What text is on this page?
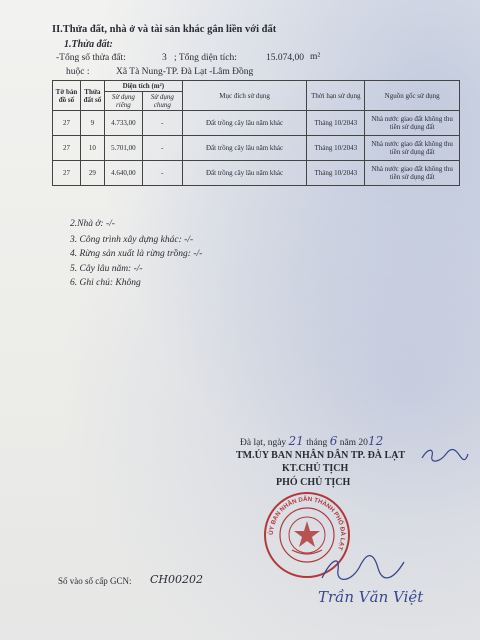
II.Thửa đất, nhà ở và tài sản khác gắn liền với đất
1.Thửa đất:
-Tổng số thửa đất:	3 ; Tổng diện tích:	15.074,00 m²
huộc :	Xã Tà Nung-TP. Đà Lạt -Lâm Đồng
Tờ bản đồ số	Thửa đất số	Diện tích (m²)		Mục đích sử dụng	Thời hạn sử dụng	Nguồn gốc sử dụng
		Sử dụng riêng	Sử dụng chung			
27	9	4.733,00	-	Đất trồng cây lâu năm khác	Tháng 10/2043	Nhà nước giao đất không thu tiền sử dụng đất
27	10	5.701,00	-	Đất trồng cây lâu năm khác	Tháng 10/2043	Nhà nước giao đất không thu tiền sử dụng đất
27	29	4.640,00	-	Đất trồng cây lâu năm khác	Tháng 10/2043	Nhà nước giao đất không thu tiền sử dụng đất
2.Nhà ở: -/-
3. Công trình xây dựng khác: -/-
4. Rừng sản xuất là rừng trồng: -/-
5. Cây lâu năm: -/-
6. Ghi chú: Không
Đà lạt, ngày 21 tháng 6 năm 2012
TM.ỦY BAN NHÂN DÂN TP. ĐÀ LẠT
KT.CHỦ TỊCH
PHÓ CHỦ TỊCH
ỦY BAN NHÂN DÂN THÀNH PHỐ ĐÀ LẠT
Trần Văn Việt
Số vào sổ cấp GCN: CH00202
